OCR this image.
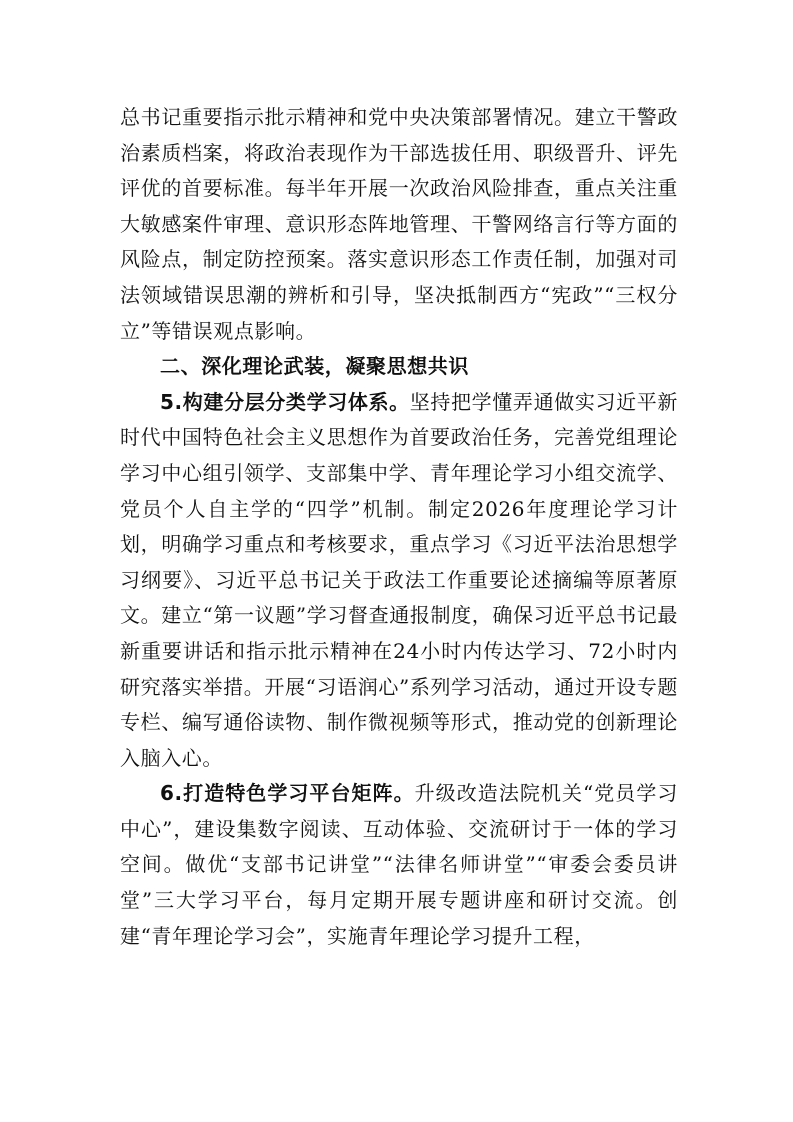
总书记重要指示批示精神和党中央决策部署情况。建立干警政治素质档案，将政治表现作为干部选拔任用、职级晋升、评先评优的首要标准。每半年开展一次政治风险排查，重点关注重大敏感案件审理、意识形态阵地管理、干警网络言行等方面的风险点，制定防控预案。落实意识形态工作责任制，加强对司法领域错误思潮的辨析和引导，坚决抵制西方“宪政”“三权分立”等错误观点影响。

二、深化理论武装，凝聚思想共识

5.构建分层分类学习体系。坚持把学懂弄通做实习近平新时代中国特色社会主义思想作为首要政治任务，完善党组理论学习中心组引领学、支部集中学、青年理论学习小组交流学、党员个人自主学的“四学”机制。制定2026年度理论学习计划，明确学习重点和考核要求，重点学习《习近平法治思想学习纲要》、习近平总书记关于政法工作重要论述摘编等原著原文。建立“第一议题”学习督查通报制度，确保习近平总书记最新重要讲话和指示批示精神在24小时内传达学习、72小时内研究落实举措。开展“习语润心”系列学习活动，通过开设专题专栏、编写通俗读物、制作微视频等形式，推动党的创新理论入脑入心。

6.打造特色学习平台矩阵。升级改造法院机关“党员学习中心”，建设集数字阅读、互动体验、交流研讨于一体的学习空间。做优“支部书记讲堂”“法律名师讲堂”“审委会委员讲堂”三大学习平台，每月定期开展专题讲座和研讨交流。创建“青年理论学习会”，实施青年理论学习提升工程，
